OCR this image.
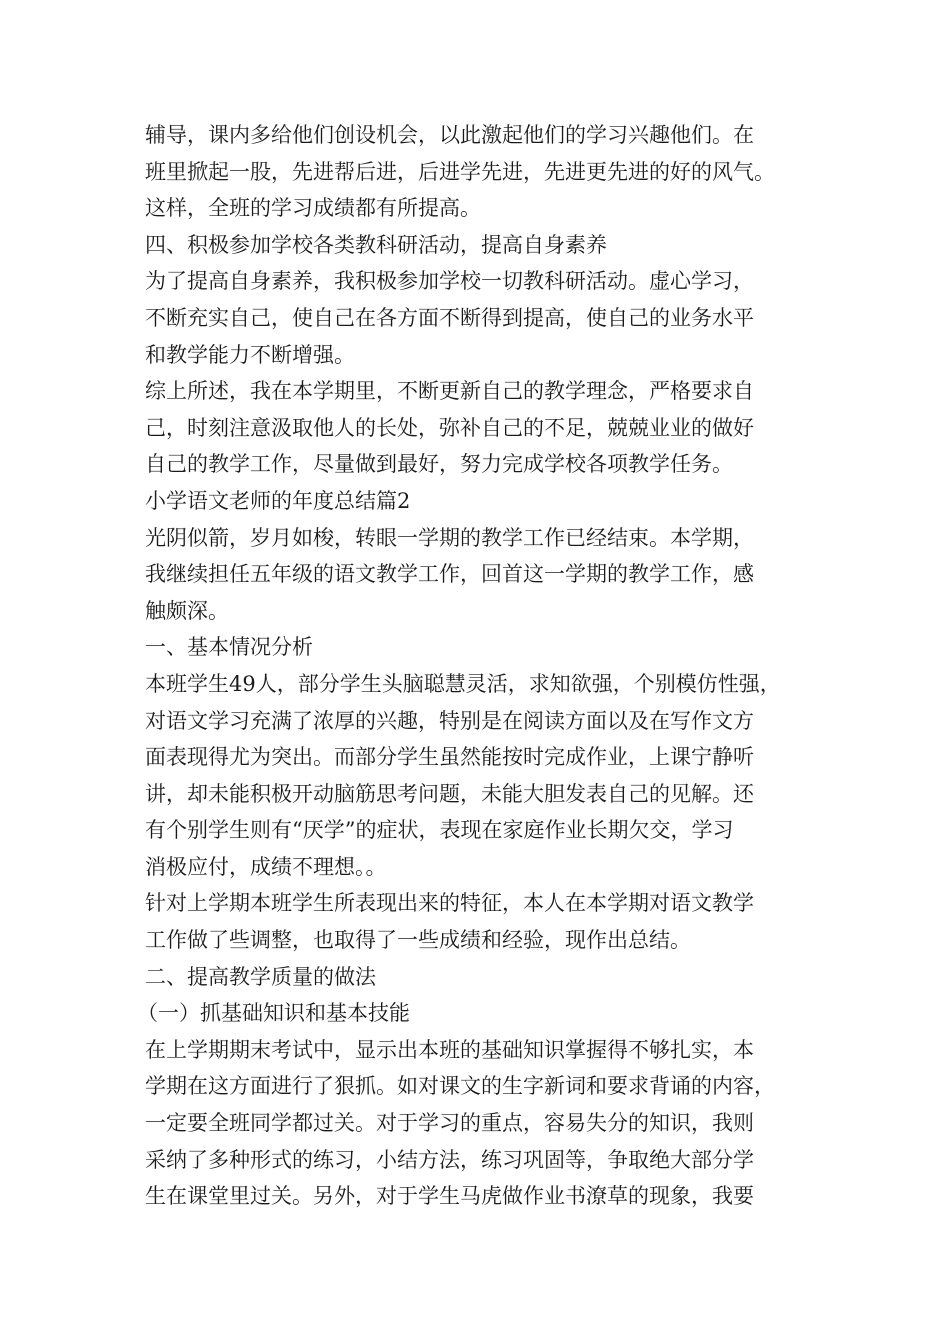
辅导，课内多给他们创设机会，以此激起他们的学习兴趣他们。在
班里掀起一股，先进帮后进，后进学先进，先进更先进的好的风气。
这样，全班的学习成绩都有所提高。
四、积极参加学校各类教科研活动，提高自身素养
为了提高自身素养，我积极参加学校一切教科研活动。虚心学习，
不断充实自己，使自己在各方面不断得到提高，使自己的业务水平
和教学能力不断增强。
综上所述，我在本学期里，不断更新自己的教学理念，严格要求自
己，时刻注意汲取他人的长处，弥补自己的不足，兢兢业业的做好
自己的教学工作，尽量做到最好，努力完成学校各项教学任务。
小学语文老师的年度总结篇2
光阴似箭，岁月如梭，转眼一学期的教学工作已经结束。本学期，
我继续担任五年级的语文教学工作，回首这一学期的教学工作，感
触颇深。
一、基本情况分析
本班学生49人，部分学生头脑聪慧灵活，求知欲强，个别模仿性强，
对语文学习充满了浓厚的兴趣，特别是在阅读方面以及在写作文方
面表现得尤为突出。而部分学生虽然能按时完成作业，上课宁静听
讲，却未能积极开动脑筋思考问题，未能大胆发表自己的见解。还
有个别学生则有“厌学”的症状，表现在家庭作业长期欠交，学习
消极应付，成绩不理想。。
针对上学期本班学生所表现出来的特征，本人在本学期对语文教学
工作做了些调整，也取得了一些成绩和经验，现作出总结。
二、提高教学质量的做法
（一）抓基础知识和基本技能
在上学期期末考试中，显示出本班的基础知识掌握得不够扎实，本
学期在这方面进行了狠抓。如对课文的生字新词和要求背诵的内容，
一定要全班同学都过关。对于学习的重点，容易失分的知识，我则
采纳了多种形式的练习，小结方法，练习巩固等，争取绝大部分学
生在课堂里过关。另外，对于学生马虎做作业书潦草的现象，我要
